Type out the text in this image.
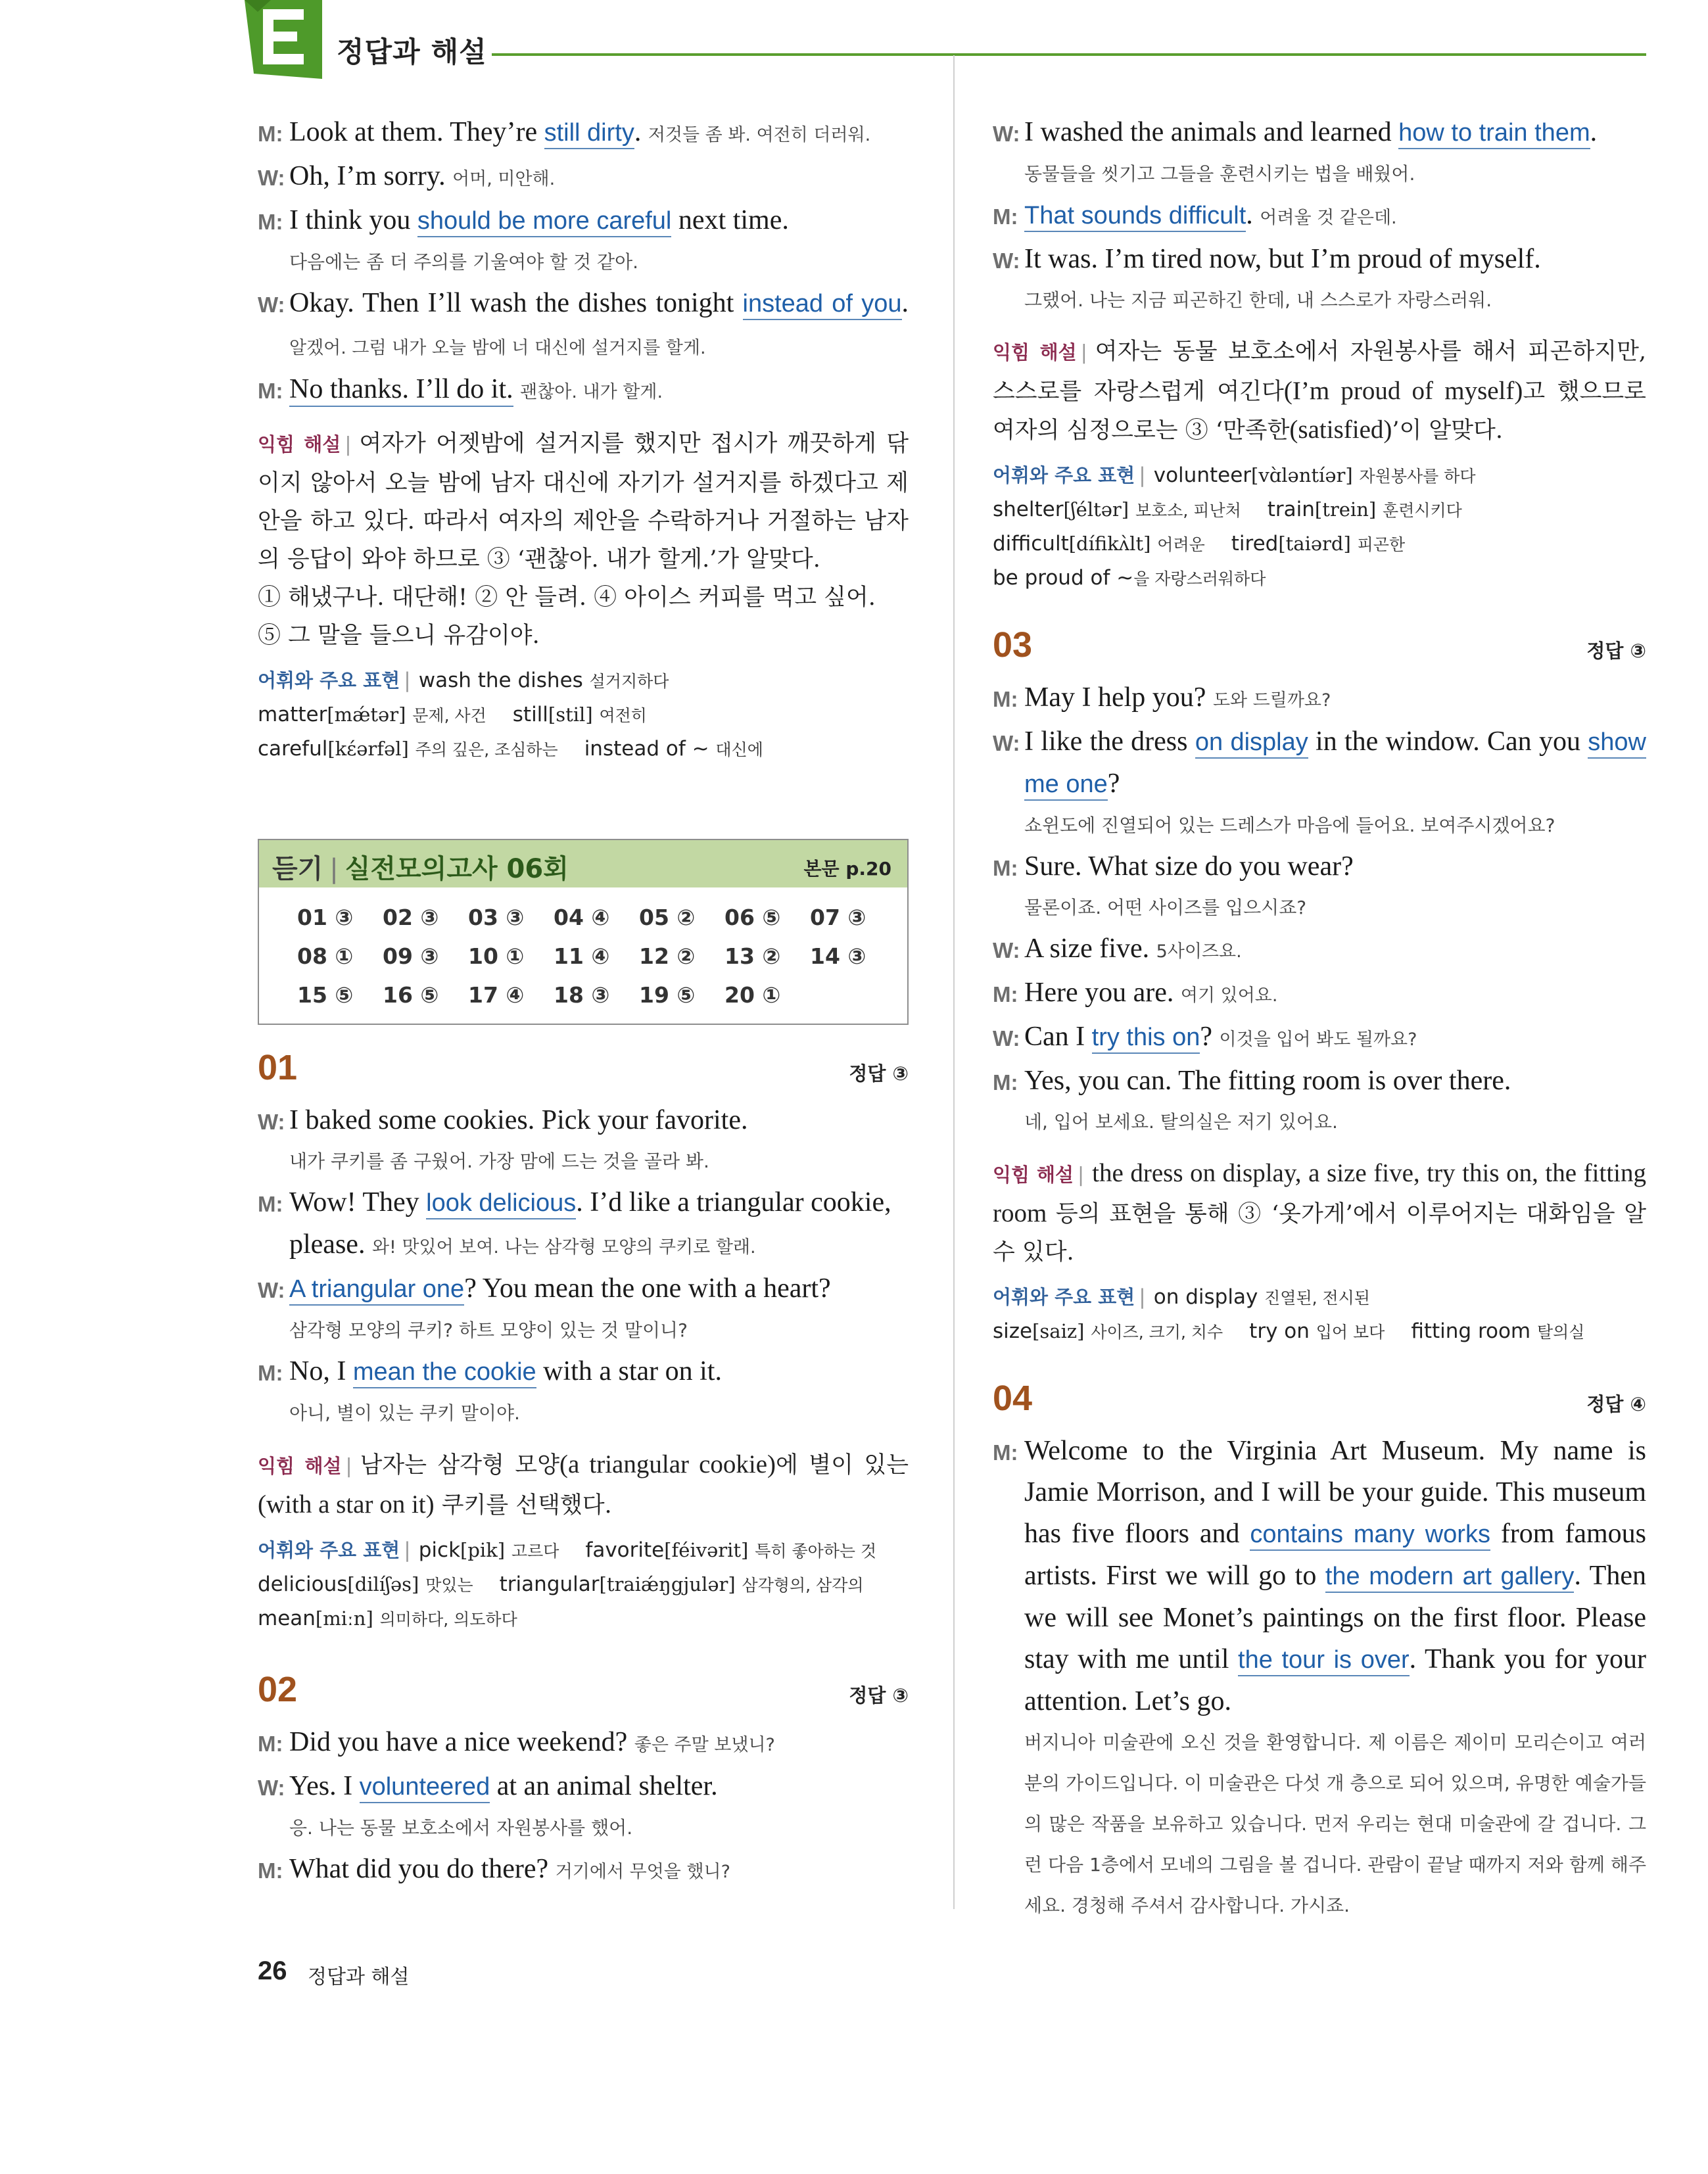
정답과 해설
M: Look at them. They’re still dirty. 저것들 좀 봐. 여전히 더러워.
W: Oh, I’m sorry. 어머, 미안해.
M: I think you should be more careful next time.
다음에는 좀 더 주의를 기울여야 할 것 같아.
W: Okay. Then I’ll wash the dishes tonight instead of you. 알겠어. 그럼 내가 오늘 밤에 너 대신에 설거지를 할게.
M: No thanks. I’ll do it. 괜찮아. 내가 할게.
익힘 해설 | 여자가 어젯밤에 설거지를 했지만 접시가 깨끗하게 닦이지 않아서 오늘 밤에 남자 대신에 자기가 설거지를 하겠다고 제안을 하고 있다. 따라서 여자의 제안을 수락하거나 거절하는 남자의 응답이 와야 하므로 ③ ‘괜찮아. 내가 할게.’가 알맞다.
① 해냈구나. 대단해! ② 안 들려. ④ 아이스 커피를 먹고 싶어.
⑤ 그 말을 들으니 유감이야.
어휘와 주요 표현 | wash the dishes 설거지하다
matter[mǽtər] 문제, 사건 still[stil] 여전히
careful[kέərfəl] 주의 깊은, 조심하는 instead of ~ 대신에
듣기 | 실전모의고사 06회	본문 p.20
01 ③	02 ③	03 ③	04 ④	05 ②	06 ⑤	07 ③
08 ①	09 ③	10 ①	11 ④	12 ②	13 ②	14 ③
15 ⑤	16 ⑤	17 ④	18 ③	19 ⑤	20 ①
01	정답 ③
W: I baked some cookies. Pick your favorite.
내가 쿠키를 좀 구웠어. 가장 맘에 드는 것을 골라 봐.
M: Wow! They look delicious. I’d like a triangular cookie, please. 와! 맛있어 보여. 나는 삼각형 모양의 쿠키로 할래.
W: A triangular one? You mean the one with a heart?
삼각형 모양의 쿠키? 하트 모양이 있는 것 말이니?
M: No, I mean the cookie with a star on it.
아니, 별이 있는 쿠키 말이야.
익힘 해설 | 남자는 삼각형 모양(a triangular cookie)에 별이 있는 (with a star on it) 쿠키를 선택했다.
어휘와 주요 표현 | pick[pik] 고르다 favorite[féivərit] 특히 좋아하는 것
delicious[dilíʃəs] 맛있는 triangular[traiǽŋgjulər] 삼각형의, 삼각의
mean[miːn] 의미하다, 의도하다
02	정답 ③
M: Did you have a nice weekend? 좋은 주말 보냈니?
W: Yes. I volunteered at an animal shelter.
응. 나는 동물 보호소에서 자원봉사를 했어.
M: What did you do there? 거기에서 무엇을 했니?
W: I washed the animals and learned how to train them.
동물들을 씻기고 그들을 훈련시키는 법을 배웠어.
M: That sounds difficult. 어려울 것 같은데.
W: It was. I’m tired now, but I’m proud of myself.
그랬어. 나는 지금 피곤하긴 한데, 내 스스로가 자랑스러워.
익힘 해설 | 여자는 동물 보호소에서 자원봉사를 해서 피곤하지만, 스스로를 자랑스럽게 여긴다(I’m proud of myself)고 했으므로 여자의 심정으로는 ③ ‘만족한(satisfied)’이 알맞다.
어휘와 주요 표현 | volunteer[vɑ̀ləntíər] 자원봉사를 하다
shelter[ʃéltər] 보호소, 피난처 train[trein] 훈련시키다
difficult[dífikʌ̀lt] 어려운 tired[taiərd] 피곤한
be proud of ~을 자랑스러워하다
03	정답 ③
M: May I help you? 도와 드릴까요?
W: I like the dress on display in the window. Can you show me one?
쇼윈도에 진열되어 있는 드레스가 마음에 들어요. 보여주시겠어요?
M: Sure. What size do you wear?
물론이죠. 어떤 사이즈를 입으시죠?
W: A size five. 5사이즈요.
M: Here you are. 여기 있어요.
W: Can I try this on? 이것을 입어 봐도 될까요?
M: Yes, you can. The fitting room is over there.
네, 입어 보세요. 탈의실은 저기 있어요.
익힘 해설 | the dress on display, a size five, try this on, the fitting room 등의 표현을 통해 ③ ‘옷가게’에서 이루어지는 대화임을 알 수 있다.
어휘와 주요 표현 | on display 진열된, 전시된
size[saiz] 사이즈, 크기, 치수 try on 입어 보다 fitting room 탈의실
04	정답 ④
M: Welcome to the Virginia Art Museum. My name is Jamie Morrison, and I will be your guide. This museum has five floors and contains many works from famous artists. First we will go to the modern art gallery. Then we will see Monet’s paintings on the first floor. Please stay with me until the tour is over. Thank you for your attention. Let’s go.
버지니아 미술관에 오신 것을 환영합니다. 제 이름은 제이미 모리슨이고 여러분의 가이드입니다. 이 미술관은 다섯 개 층으로 되어 있으며, 유명한 예술가들의 많은 작품을 보유하고 있습니다. 먼저 우리는 현대 미술관에 갈 겁니다. 그런 다음 1층에서 모네의 그림을 볼 겁니다. 관람이 끝날 때까지 저와 함께 해주세요. 경청해 주셔서 감사합니다. 가시죠.
26 정답과 해설
